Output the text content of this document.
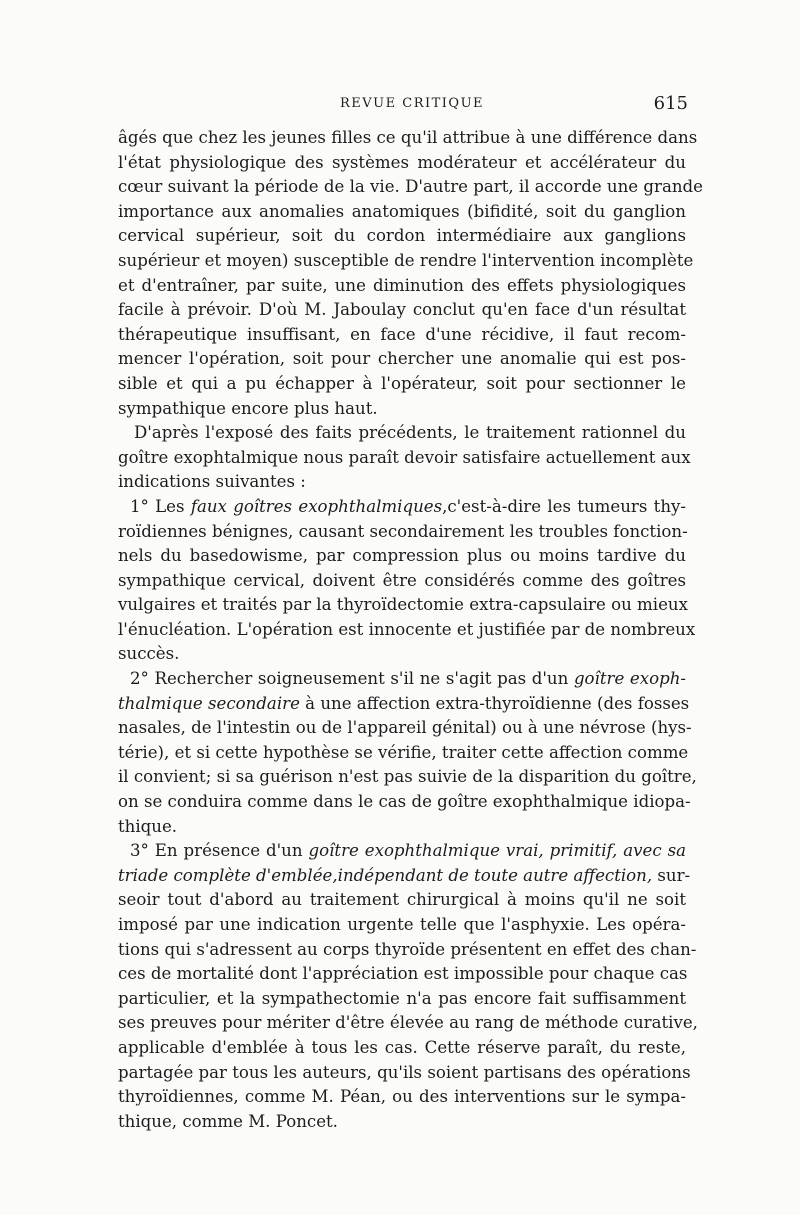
REVUE CRITIQUE	615
âgés que chez les jeunes filles ce qu'il attribue à une différence dans
l'état physiologique des systèmes modérateur et accélérateur du
cœur suivant la période de la vie. D'autre part, il accorde une grande
importance aux anomalies anatomiques (bifidité, soit du ganglion
cervical supérieur, soit du cordon intermédiaire aux ganglions
supérieur et moyen) susceptible de rendre l'intervention incomplète
et d'entraîner, par suite, une diminution des effets physiologiques
facile à prévoir. D'où M. Jaboulay conclut qu'en face d'un résultat
thérapeutique insuffisant, en face d'une récidive, il faut recom-
mencer l'opération, soit pour chercher une anomalie qui est pos-
sible et qui a pu échapper à l'opérateur, soit pour sectionner le
sympathique encore plus haut.
D'après l'exposé des faits précédents, le traitement rationnel du
goître exophtalmique nous paraît devoir satisfaire actuellement aux
indications suivantes :
1° Les faux goîtres exophthalmiques,c'est-à-dire les tumeurs thy-
roïdiennes bénignes, causant secondairement les troubles fonction-
nels du basedowisme, par compression plus ou moins tardive du
sympathique cervical, doivent être considérés comme des goîtres
vulgaires et traités par la thyroïdectomie extra-capsulaire ou mieux
l'énucléation. L'opération est innocente et justifiée par de nombreux
succès.
2° Rechercher soigneusement s'il ne s'agit pas d'un goître exoph-
thalmique secondaire à une affection extra-thyroïdienne (des fosses
nasales, de l'intestin ou de l'appareil génital) ou à une névrose (hys-
térie), et si cette hypothèse se vérifie, traiter cette affection comme
il convient; si sa guérison n'est pas suivie de la disparition du goître,
on se conduira comme dans le cas de goître exophthalmique idiopa-
thique.
3° En présence d'un goître exophthalmique vrai, primitif, avec sa
triade complète d'emblée,indépendant de toute autre affection, sur-
seoir tout d'abord au traitement chirurgical à moins qu'il ne soit
imposé par une indication urgente telle que l'asphyxie. Les opéra-
tions qui s'adressent au corps thyroïde présentent en effet des chan-
ces de mortalité dont l'appréciation est impossible pour chaque cas
particulier, et la sympathectomie n'a pas encore fait suffisamment
ses preuves pour mériter d'être élevée au rang de méthode curative,
applicable d'emblée à tous les cas. Cette réserve paraît, du reste,
partagée par tous les auteurs, qu'ils soient partisans des opérations
thyroïdiennes, comme M. Péan, ou des interventions sur le sympa-
thique, comme M. Poncet.
